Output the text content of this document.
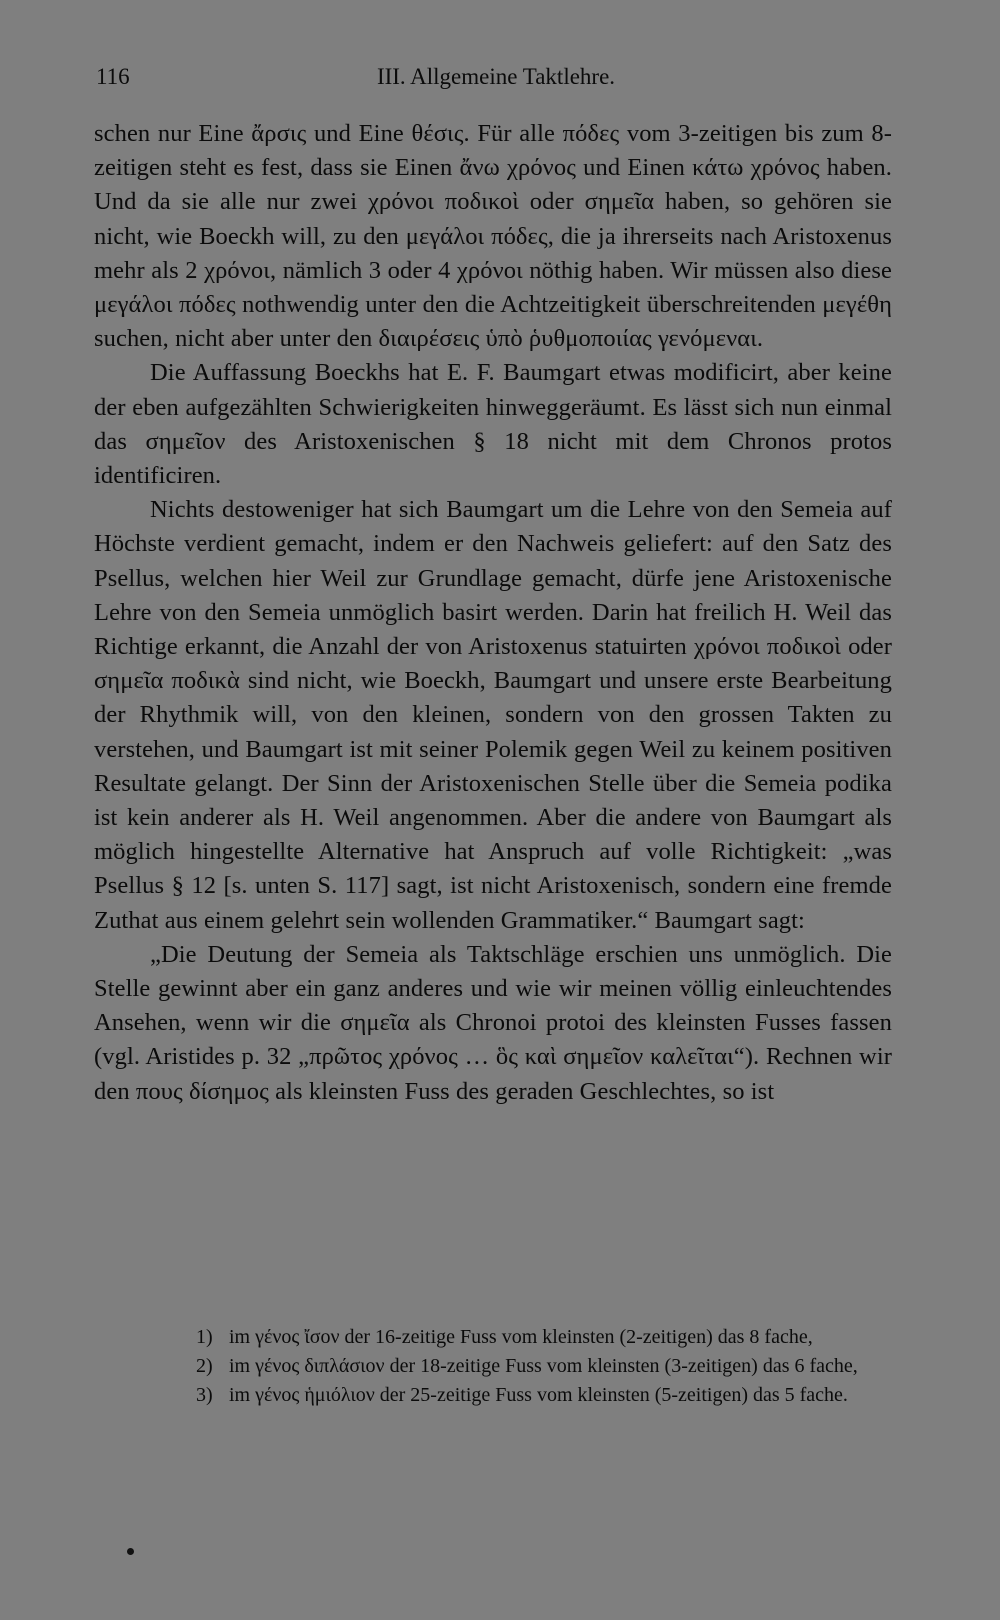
116	III. Allgemeine Taktlehre.

schen nur Eine ἄρσις und Eine θέσις. Für alle πόδες vom 3-zeitigen bis zum 8-zeitigen steht es fest, dass sie Einen ἄνω χρόνος und Einen κάτω χρόνος haben. Und da sie alle nur zwei χρόνοι ποδικοὶ oder σημεῖα haben, so gehören sie nicht, wie Boeckh will, zu den μεγάλοι πόδες, die ja ihrerseits nach Aristoxenus mehr als 2 χρόνοι, nämlich 3 oder 4 χρόνοι nöthig haben. Wir müssen also diese μεγάλοι πόδες nothwendig unter den die Achtzeitigkeit überschreitenden μεγέθη suchen, nicht aber unter den διαιρέσεις ὑπὸ ῥυθμοποιίας γενόμεναι.

Die Auffassung Boeckhs hat E. F. Baumgart etwas modificirt, aber keine der eben aufgezählten Schwierigkeiten hinweggeräumt. Es lässt sich nun einmal das σημεῖον des Aristoxenischen § 18 nicht mit dem Chronos protos identificiren.

Nichts destoweniger hat sich Baumgart um die Lehre von den Semeia auf Höchste verdient gemacht, indem er den Nachweis geliefert: auf den Satz des Psellus, welchen hier Weil zur Grundlage gemacht, dürfe jene Aristoxenische Lehre von den Semeia unmöglich basirt werden. Darin hat freilich H. Weil das Richtige erkannt, die Anzahl der von Aristoxenus statuirten χρόνοι ποδικοὶ oder σημεῖα ποδικὰ sind nicht, wie Boeckh, Baumgart und unsere erste Bearbeitung der Rhythmik will, von den kleinen, sondern von den grossen Takten zu verstehen, und Baumgart ist mit seiner Polemik gegen Weil zu keinem positiven Resultate gelangt. Der Sinn der Aristoxenischen Stelle über die Semeia podika ist kein anderer als H. Weil angenommen. Aber die andere von Baumgart als möglich hingestellte Alternative hat Anspruch auf volle Richtigkeit: „was Psellus § 12 [s. unten S. 117] sagt, ist nicht Aristoxenisch, sondern eine fremde Zuthat aus einem gelehrt sein wollenden Grammatiker.“ Baumgart sagt:

„Die Deutung der Semeia als Taktschläge erschien uns unmöglich. Die Stelle gewinnt aber ein ganz anderes und wie wir meinen völlig einleuchtendes Ansehen, wenn wir die σημεῖα als Chronoi protoi des kleinsten Fusses fassen (vgl. Aristides p. 32 „πρῶτος χρόνος … ὃς καὶ σημεῖον καλεῖται“). Rechnen wir den πους δίσημος als kleinsten Fuss des geraden Geschlechtes, so ist

1) im γένος ἴσον der 16-zeitige Fuss vom kleinsten (2-zeitigen) das 8 fache,

2) im γένος διπλάσιον der 18-zeitige Fuss vom kleinsten (3-zeitigen) das 6 fache,

3) im γένος ἡμιόλιον der 25-zeitige Fuss vom kleinsten (5-zeitigen) das 5 fache.
